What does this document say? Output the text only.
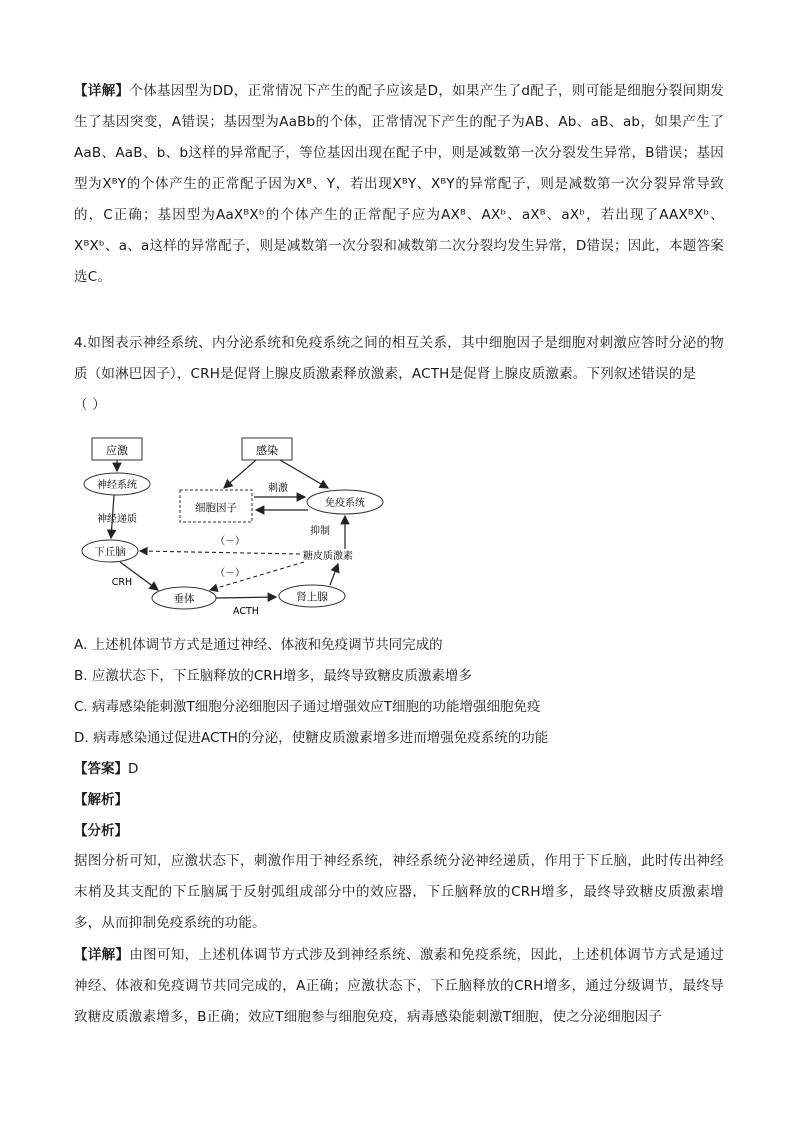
【详解】个体基因型为DD，正常情况下产生的配子应该是D，如果产生了d配子，则可能是细胞分裂间期发生了基因突变，A错误；基因型为AaBb的个体，正常情况下产生的配子为AB、Ab、aB、ab，如果产生了AaB、AaB、b、b这样的异常配子，等位基因出现在配子中，则是减数第一次分裂发生异常，B错误；基因型为XᴮY的个体产生的正常配子因为Xᴮ、Y，若出现XᴮY、XᴮY的异常配子，则是减数第一次分裂异常导致的，C正确；基因型为AaXᴮXᵇ的个体产生的正常配子应为AXᴮ、AXᵇ、aXᴮ、aXᵇ，若出现了AAXᴮXᵇ、XᴮXᵇ、a、a这样的异常配子，则是减数第一次分裂和减数第二次分裂均发生异常，D错误；因此，本题答案选C。

4.如图表示神经系统、内分泌系统和免疫系统之间的相互关系，其中细胞因子是细胞对刺激应答时分泌的物质（如淋巴因子），CRH是促肾上腺皮质激素释放激素，ACTH是促肾上腺皮质激素。下列叙述错误的是
（ ）

应激	感染
神经系统
细胞因子	免疫系统
下丘脑	糖皮质激素
垂体	肾上腺
神经递质
刺激
抑制
（－）
（－）
CRH
ACTH

A. 上述机体调节方式是通过神经、体液和免疫调节共同完成的

B. 应激状态下，下丘脑释放的CRH增多，最终导致糖皮质激素增多

C. 病毒感染能刺激T细胞分泌细胞因子通过增强效应T细胞的功能增强细胞免疫

D. 病毒感染通过促进ACTH的分泌，使糖皮质激素增多进而增强免疫系统的功能

【答案】D

【解析】

【分析】

据图分析可知，应激状态下，刺激作用于神经系统，神经系统分泌神经递质，作用于下丘脑，此时传出神经末梢及其支配的下丘脑属于反射弧组成部分中的效应器，下丘脑释放的CRH增多，最终导致糖皮质激素增多，从而抑制免疫系统的功能。

【详解】由图可知，上述机体调节方式涉及到神经系统、激素和免疫系统，因此，上述机体调节方式是通过神经、体液和免疫调节共同完成的，A正确；应激状态下，下丘脑释放的CRH增多，通过分级调节，最终导致糖皮质激素增多，B正确；效应T细胞参与细胞免疫，病毒感染能刺激T细胞，使之分泌细胞因子
